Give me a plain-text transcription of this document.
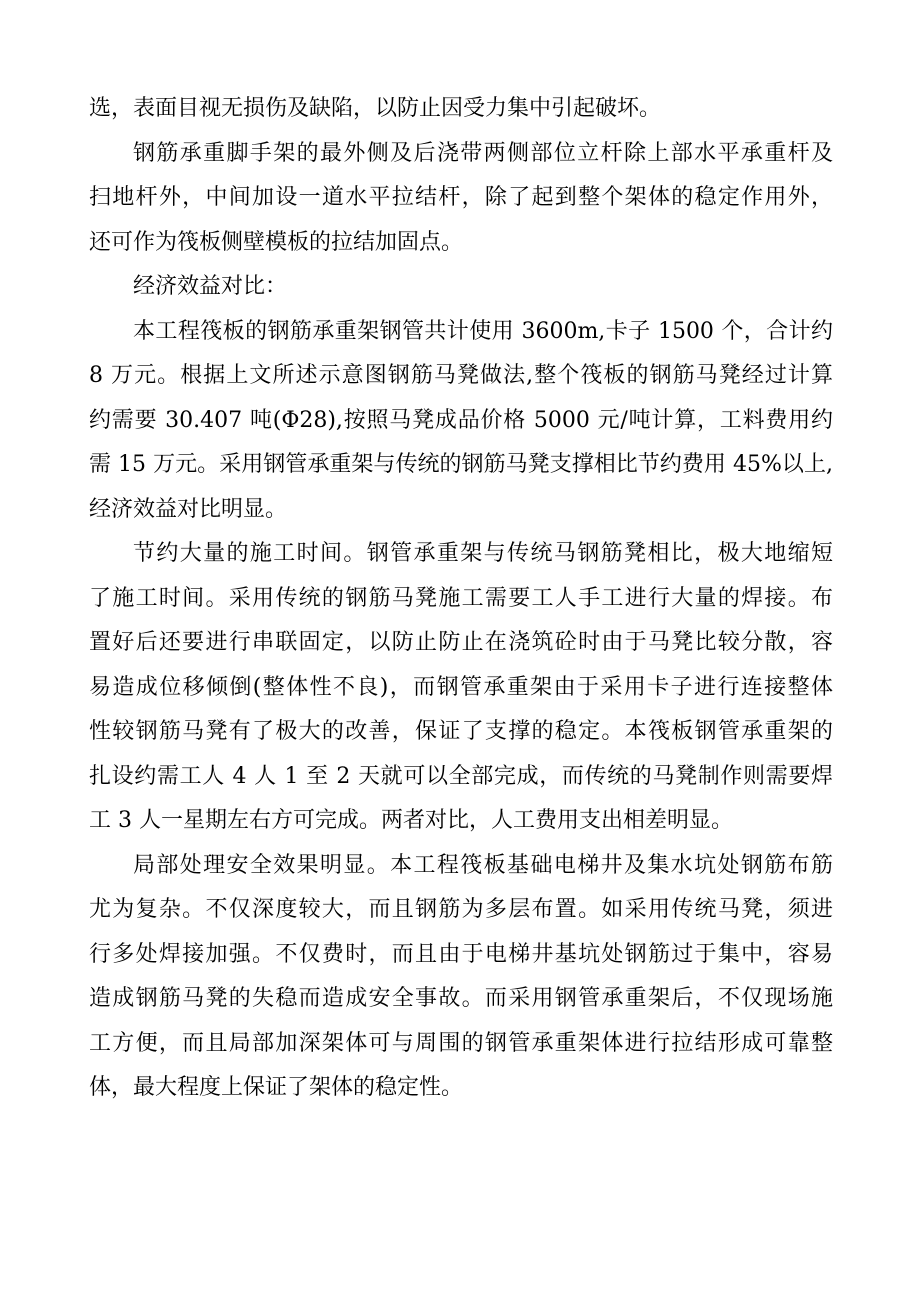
选，表面目视无损伤及缺陷，以防止因受力集中引起破坏。
钢筋承重脚手架的最外侧及后浇带两侧部位立杆除上部水平承重杆及
扫地杆外，中间加设一道水平拉结杆，除了起到整个架体的稳定作用外，
还可作为筏板侧壁模板的拉结加固点。
经济效益对比：
本工程筏板的钢筋承重架钢管共计使用 3600m,卡子 1500 个，合计约
8 万元。根据上文所述示意图钢筋马凳做法,整个筏板的钢筋马凳经过计算
约需要 30.407 吨(Φ28),按照马凳成品价格 5000 元/吨计算，工料费用约
需 15 万元。采用钢管承重架与传统的钢筋马凳支撑相比节约费用 45%以上,
经济效益对比明显。
节约大量的施工时间。钢管承重架与传统马钢筋凳相比，极大地缩短
了施工时间。采用传统的钢筋马凳施工需要工人手工进行大量的焊接。布
置好后还要进行串联固定，以防止防止在浇筑砼时由于马凳比较分散，容
易造成位移倾倒(整体性不良)，而钢管承重架由于采用卡子进行连接整体
性较钢筋马凳有了极大的改善，保证了支撑的稳定。本筏板钢管承重架的
扎设约需工人 4 人 1 至 2 天就可以全部完成，而传统的马凳制作则需要焊
工 3 人一星期左右方可完成。两者对比，人工费用支出相差明显。
局部处理安全效果明显。本工程筏板基础电梯井及集水坑处钢筋布筋
尤为复杂。不仅深度较大，而且钢筋为多层布置。如采用传统马凳，须进
行多处焊接加强。不仅费时，而且由于电梯井基坑处钢筋过于集中，容易
造成钢筋马凳的失稳而造成安全事故。而采用钢管承重架后，不仅现场施
工方便，而且局部加深架体可与周围的钢管承重架体进行拉结形成可靠整
体，最大程度上保证了架体的稳定性。
